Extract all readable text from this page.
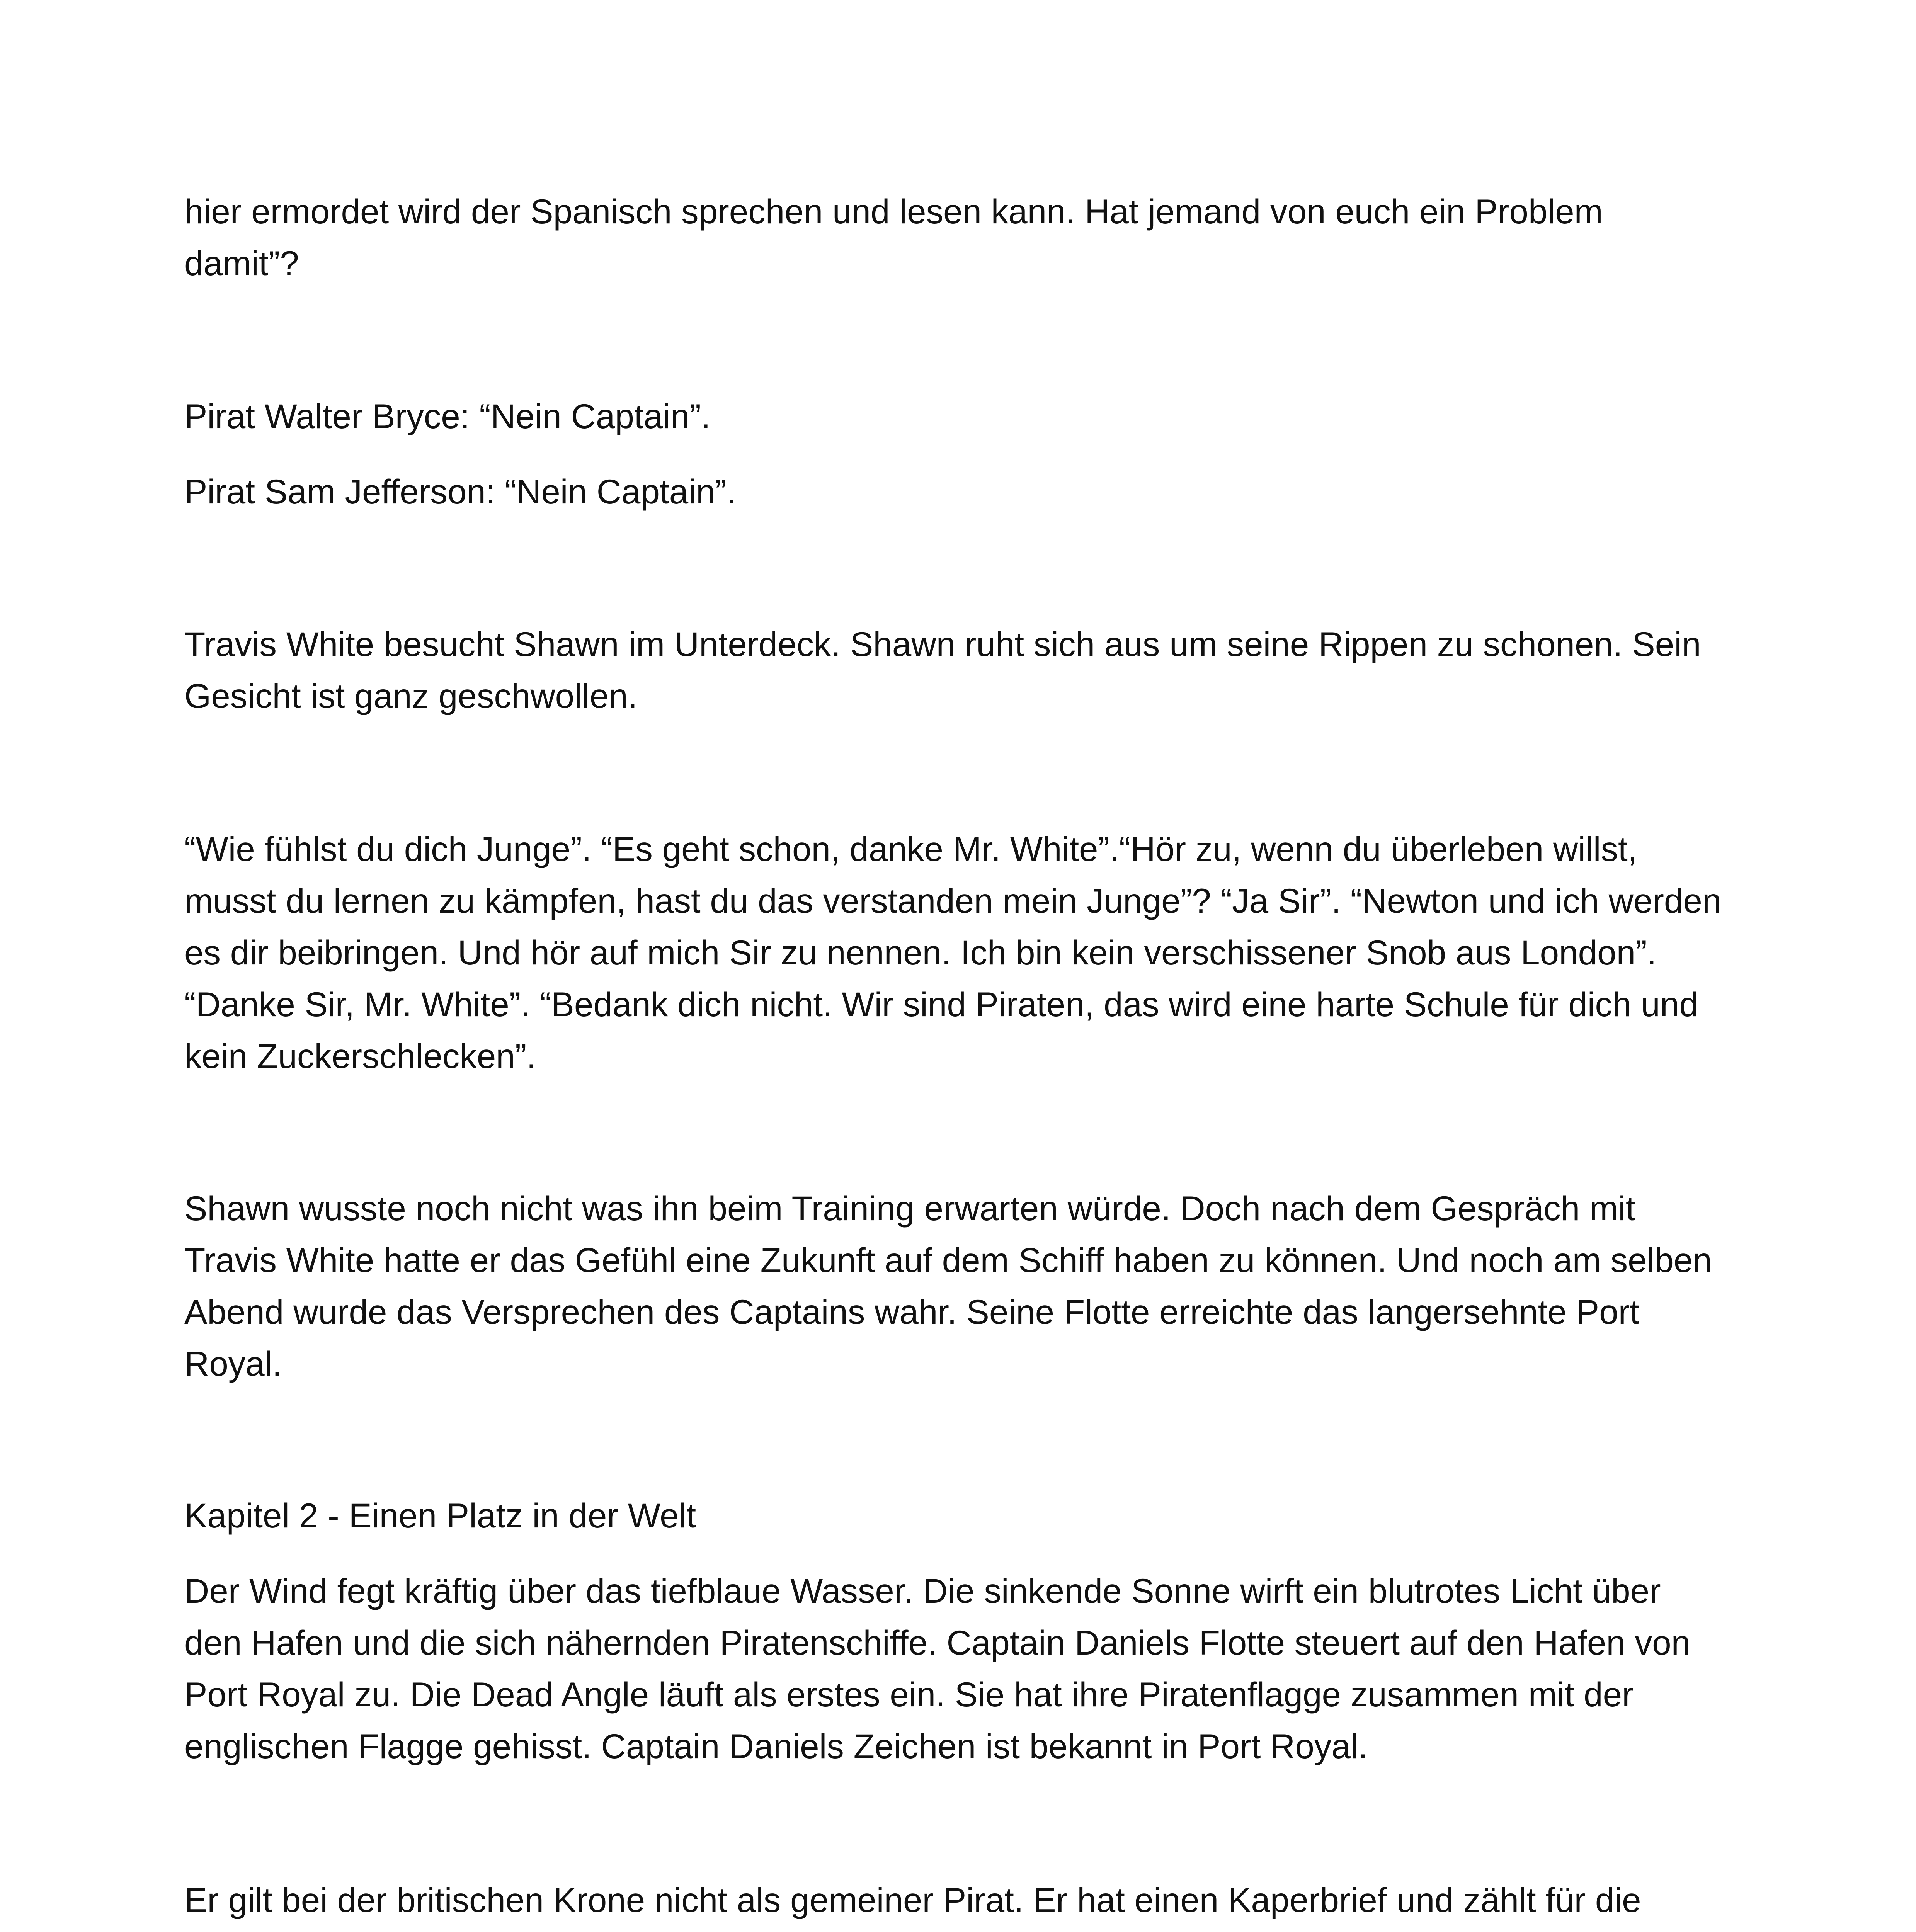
hier ermordet wird der Spanisch sprechen und lesen kann. Hat jemand von euch ein Problem damit”?

Pirat Walter Bryce: “Nein Captain”.

Pirat Sam Jefferson: “Nein Captain”.

Travis White besucht Shawn im Unterdeck. Shawn ruht sich aus um seine Rippen zu schonen. Sein Gesicht ist ganz geschwollen.

“Wie fühlst du dich Junge”. “Es geht schon, danke Mr. White”.“Hör zu, wenn du überleben willst, musst du lernen zu kämpfen, hast du das verstanden mein Junge”? “Ja Sir”. “Newton und ich werden es dir beibringen. Und hör auf mich Sir zu nennen. Ich bin kein verschissener Snob aus London”. “Danke Sir, Mr. White”. “Bedank dich nicht. Wir sind Piraten, das wird eine harte Schule für dich und kein Zuckerschlecken”.

Shawn wusste noch nicht was ihn beim Training erwarten würde. Doch nach dem Gespräch mit Travis White hatte er das Gefühl eine Zukunft auf dem Schiff haben zu können. Und noch am selben Abend wurde das Versprechen des Captains wahr. Seine Flotte erreichte das langersehnte Port Royal.

Kapitel 2 - Einen Platz in der Welt

Der Wind fegt kräftig über das tiefblaue Wasser. Die sinkende Sonne wirft ein blutrotes Licht über den Hafen und die sich nähernden Piratenschiffe. Captain Daniels Flotte steuert auf den Hafen von Port Royal zu. Die Dead Angle läuft als erstes ein. Sie hat ihre Piratenflagge zusammen mit der englischen Flagge gehisst. Captain Daniels Zeichen ist bekannt in Port Royal.

Er gilt bei der britischen Krone nicht als gemeiner Pirat. Er hat einen Kaperbrief und zählt für die
